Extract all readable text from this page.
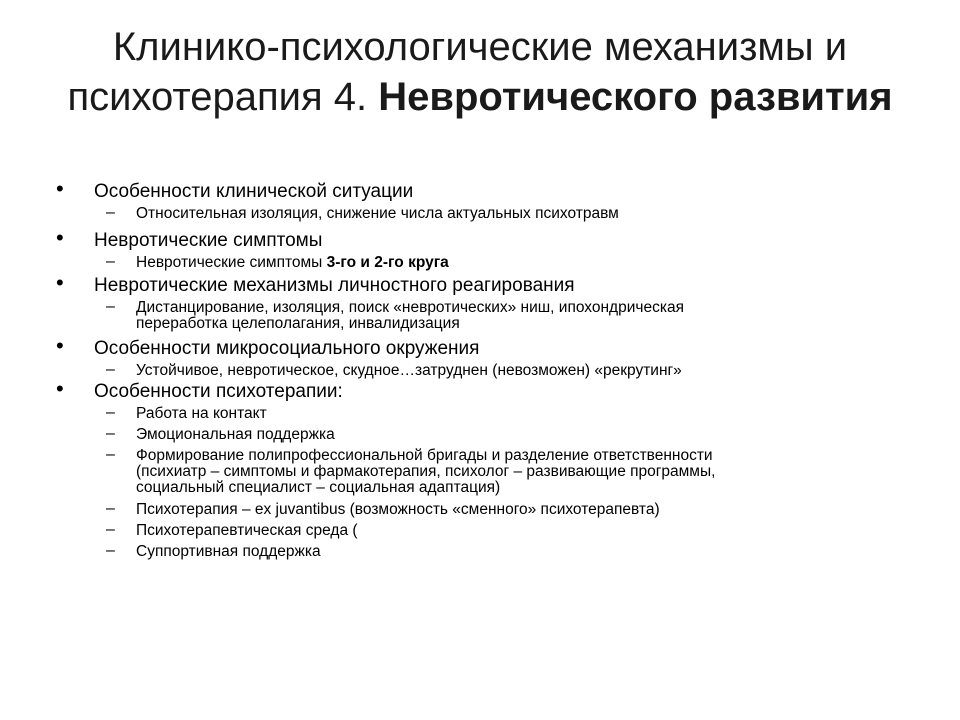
Клинико-психологические механизмы и психотерапия 4. Невротического развития
• Особенности клинической ситуации
– Относительная изоляция, снижение числа актуальных психотравм
• Невротические симптомы
– Невротические симптомы 3-го и 2-го круга
• Невротические механизмы личностного реагирования
– Дистанцирование, изоляция, поиск «невротических» ниш, ипохондрическая
переработка целеполагания, инвалидизация
• Особенности микросоциального окружения
– Устойчивое, невротическое, скудное…затруднен (невозможен) «рекрутинг»
• Особенности психотерапии:
– Работа на контакт
– Эмоциональная поддержка
– Формирование полипрофессиональной бригады и разделение ответственности
(психиатр – симптомы и фармакотерапия, психолог – развивающие программы,
социальный специалист – социальная адаптация)
– Психотерапия – ex juvantibus (возможность «сменного» психотерапевта)
– Психотерапевтическая среда (
– Суппортивная поддержка
